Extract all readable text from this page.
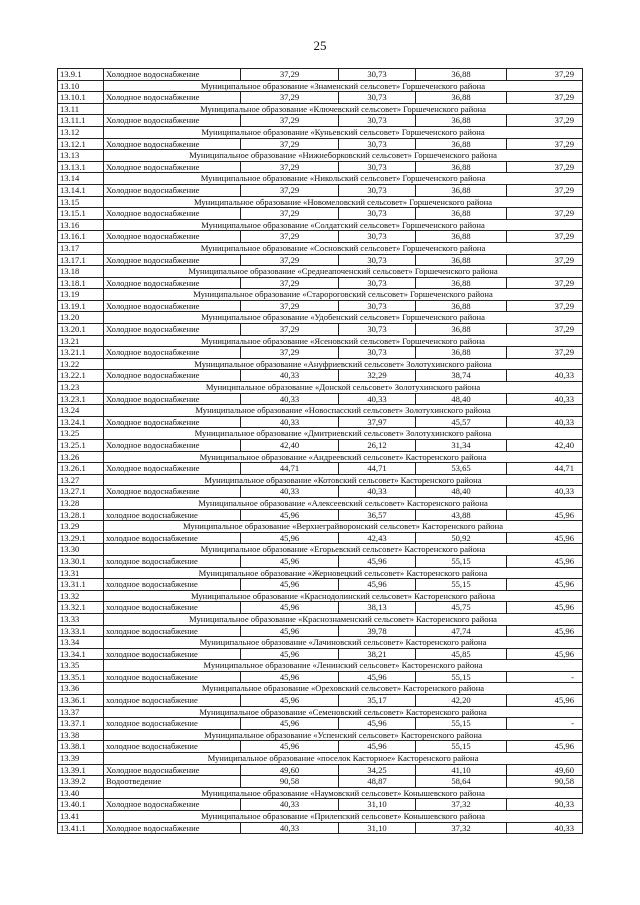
25
13.9.1	Холодное водоснабжение	37,29	30,73	36,88	37,29
13.10	Муниципальное образование «Знаменский сельсовет» Горшеченского района				
13.10.1	Холодное водоснабжение	37,29	30,73	36,88	37,29
13.11	Муниципальное образование «Ключевский сельсовет» Горшеченского района				
13.11.1	Холодное водоснабжение	37,29	30,73	36,88	37,29
13.12	Муниципальное образование «Куньевский сельсовет» Горшеченского района				
13.12.1	Холодное водоснабжение	37,29	30,73	36,88	37,29
13.13	Муниципальное образование «Нижнеборковский сельсовет» Горшеченского района				
13.13.1	Холодное водоснабжение	37,29	30,73	36,88	37,29
13.14	Муниципальное образование «Никольский сельсовет» Горшеченского района				
13.14.1	Холодное водоснабжение	37,29	30,73	36,88	37,29
13.15	Муниципальное образование «Новомеловский сельсовет» Горшеченского района				
13.15.1	Холодное водоснабжение	37,29	30,73	36,88	37,29
13.16	Муниципальное образование «Солдатский сельсовет» Горшеченского района				
13.16.1	Холодное водоснабжение	37,29	30,73	36,88	37,29
13.17	Муниципальное образование «Сосновский сельсовет» Горшеченского района				
13.17.1	Холодное водоснабжение	37,29	30,73	36,88	37,29
13.18	Муниципальное образование «Среднеапоченский сельсовет» Горшеченского района				
13.18.1	Холодное водоснабжение	37,29	30,73	36,88	37,29
13.19	Муниципальное образование «Старороговский сельсовет» Горшеченского района				
13.19.1	Холодное водоснабжение	37,29	30,73	36,88	37,29
13.20	Муниципальное образование «Удобенский сельсовет» Горшеченского района				
13.20.1	Холодное водоснабжение	37,29	30,73	36,88	37,29
13.21	Муниципальное образование «Ясеновский сельсовет» Горшеченского района				
13.21.1	Холодное водоснабжение	37,29	30,73	36,88	37,29
13.22	Муниципальное образование «Ануфриевский сельсовет» Золотухинского района				
13.22.1	Холодное водоснабжение	40,33	32,29	38,74	40,33
13.23	Муниципальное образование «Донской сельсовет» Золотухинского района				
13.23.1	Холодное водоснабжение	40,33	40,33	48,40	40,33
13.24	Муниципальное образование «Новоспасский сельсовет» Золотухинского района				
13.24.1	Холодное водоснабжение	40,33	37,97	45,57	40,33
13.25	Муниципальное образование «Дмитриевский сельсовет» Золотухинского района				
13.25.1	Холодное водоснабжение	42,40	26,12	31,34	42,40
13.26	Муниципальное образование «Андреевский сельсовет» Касторенского района				
13.26.1	Холодное водоснабжение	44,71	44,71	53,65	44,71
13.27	Муниципальное образование «Котовский сельсовет» Касторенского района				
13.27.1	Холодное водоснабжение	40,33	40,33	48,40	40,33
13.28	Муниципальное образование «Алексеевский сельсовет» Касторенского района				
13.28.1	холодное водоснабжение	45,96	36,57	43,88	45,96
13.29	Муниципальное образование «Верхнеграйворонский сельсовет» Касторенского района				
13.29.1	холодное водоснабжение	45,96	42,43	50,92	45,96
13.30	Муниципальное образование «Егорьевский сельсовет» Касторенского района				
13.30.1	холодное водоснабжение	45,96	45,96	55,15	45,96
13.31	Муниципальное образование «Жерновецкий сельсовет» Касторенского района				
13.31.1	холодное водоснабжение	45,96	45,96	55,15	45,96
13.32	Муниципальное образование «Краснодолинский сельсовет» Касторенского района				
13.32.1	холодное водоснабжение	45,96	38,13	45,75	45,96
13.33	Муниципальное образование «Краснознаменский сельсовет» Касторенского района				
13.33.1	холодное водоснабжение	45,96	39,78	47,74	45,96
13.34	Муниципальное образование «Лачиновский сельсовет» Касторенского района				
13.34.1	холодное водоснабжение	45,96	38,21	45,85	45,96
13.35	Муниципальное образование «Ленинский сельсовет» Касторенского района				
13.35.1	холодное водоснабжение	45,96	45,96	55,15	-
13.36	Муниципальное образование «Ореховский сельсовет» Касторенского района				
13.36.1	холодное водоснабжение	45,96	35,17	42,20	45,96
13.37	Муниципальное образование «Семеновский сельсовет» Касторенского района				
13.37.1	холодное водоснабжение	45,96	45,96	55,15	-
13.38	Муниципальное образование «Успенский сельсовет» Касторенского района				
13.38.1	холодное водоснабжение	45,96	45,96	55,15	45,96
13.39	Муниципальное образование «поселок Касторное» Касторенского района				
13.39.1	Холодное водоснабжение	49,60	34,25	41,10	49,60
13.39.2	Водоотведение	90,58	48,87	58,64	90,58
13.40	Муниципальное образование «Наумовский сельсовет» Конышевского района				
13.40.1	Холодное водоснабжение	40,33	31,10	37,32	40,33
13.41	Муниципальное образование «Прилепский сельсовет» Конышевского района				
13.41.1	Холодное водоснабжение	40,33	31,10	37,32	40,33
